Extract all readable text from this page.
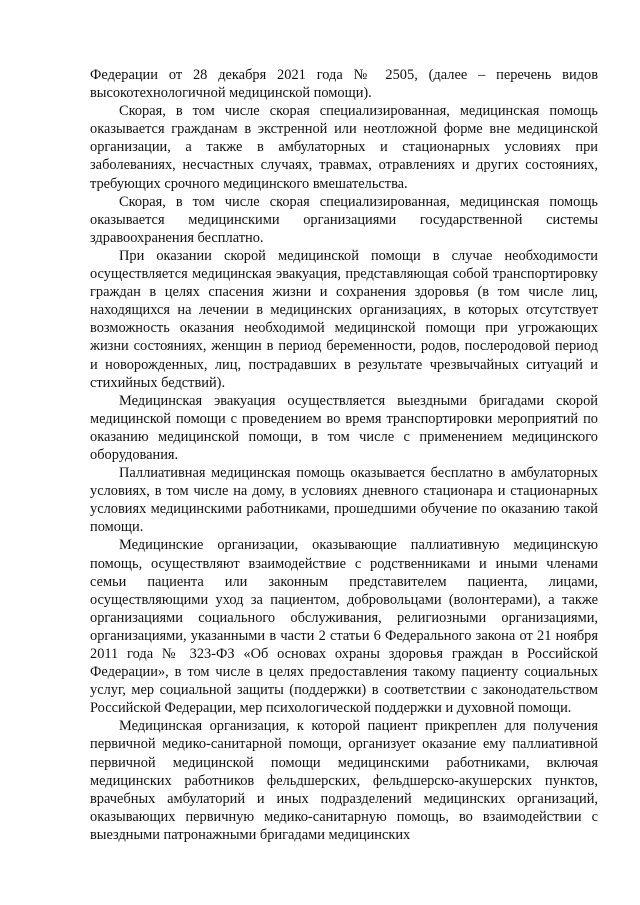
Федерации от 28 декабря 2021 года № 2505, (далее – перечень видов высокотехнологичной медицинской помощи).

Скорая, в том числе скорая специализированная, медицинская помощь оказывается гражданам в экстренной или неотложной форме вне медицинской организации, а также в амбулаторных и стационарных условиях при заболеваниях, несчастных случаях, травмах, отравлениях и других состояниях, требующих срочного медицинского вмешательства.

Скорая, в том числе скорая специализированная, медицинская помощь оказывается медицинскими организациями государственной системы здравоохранения бесплатно.

При оказании скорой медицинской помощи в случае необходимости осуществляется медицинская эвакуация, представляющая собой транспортировку граждан в целях спасения жизни и сохранения здоровья (в том числе лиц, находящихся на лечении в медицинских организациях, в которых отсутствует возможность оказания необходимой медицинской помощи при угрожающих жизни состояниях, женщин в период беременности, родов, послеродовой период и новорожденных, лиц, пострадавших в результате чрезвычайных ситуаций и стихийных бедствий).

Медицинская эвакуация осуществляется выездными бригадами скорой медицинской помощи с проведением во время транспортировки мероприятий по оказанию медицинской помощи, в том числе с применением медицинского оборудования.

Паллиативная медицинская помощь оказывается бесплатно в амбулаторных условиях, в том числе на дому, в условиях дневного стационара и стационарных условиях медицинскими работниками, прошедшими обучение по оказанию такой помощи.

Медицинские организации, оказывающие паллиативную медицинскую помощь, осуществляют взаимодействие с родственниками и иными членами семьи пациента или законным представителем пациента, лицами, осуществляющими уход за пациентом, добровольцами (волонтерами), а также организациями социального обслуживания, религиозными организациями, организациями, указанными в части 2 статьи 6 Федерального закона от 21 ноября 2011 года № 323-ФЗ «Об основах охраны здоровья граждан в Российской Федерации», в том числе в целях предоставления такому пациенту социальных услуг, мер социальной защиты (поддержки) в соответствии с законодательством Российской Федерации, мер психологической поддержки и духовной помощи.

Медицинская организация, к которой пациент прикреплен для получения первичной медико-санитарной помощи, организует оказание ему паллиативной первичной медицинской помощи медицинскими работниками, включая медицинских работников фельдшерских, фельдшерско-акушерских пунктов, врачебных амбулаторий и иных подразделений медицинских организаций, оказывающих первичную медико-санитарную помощь, во взаимодействии с выездными патронажными бригадами медицинских
